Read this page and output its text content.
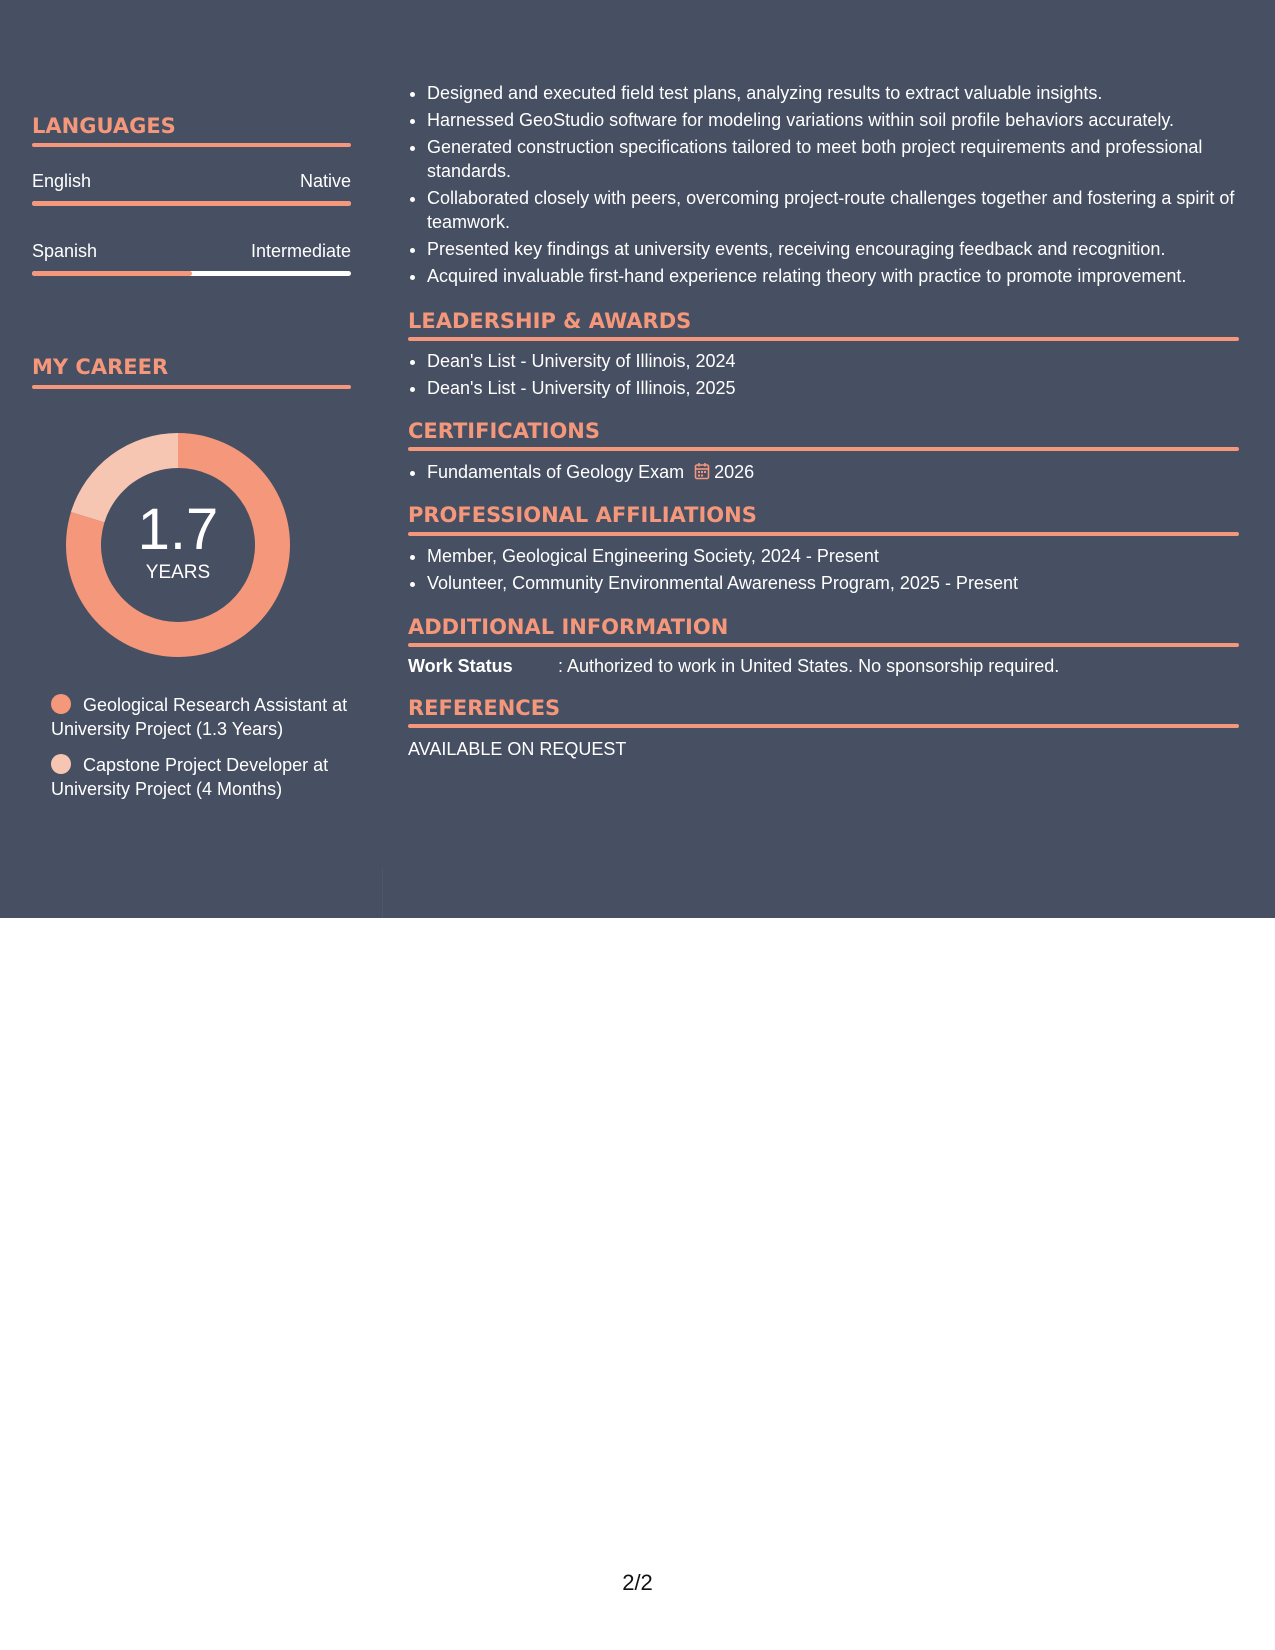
LANGUAGES
English	Native
Spanish	Intermediate
MY CAREER
1.7
YEARS
Geological Research Assistant at University Project (1.3 Years)
Capstone Project Developer at University Project (4 Months)
• Designed and executed field test plans, analyzing results to extract valuable insights.
• Harnessed GeoStudio software for modeling variations within soil profile behaviors accurately.
• Generated construction specifications tailored to meet both project requirements and professional standards.
• Collaborated closely with peers, overcoming project-route challenges together and fostering a spirit of teamwork.
• Presented key findings at university events, receiving encouraging feedback and recognition.
• Acquired invaluable first-hand experience relating theory with practice to promote improvement.
LEADERSHIP & AWARDS
• Dean's List - University of Illinois, 2024
• Dean's List - University of Illinois, 2025
CERTIFICATIONS
• Fundamentals of Geology Exam 2026
PROFESSIONAL AFFILIATIONS
• Member, Geological Engineering Society, 2024 - Present
• Volunteer, Community Environmental Awareness Program, 2025 - Present
ADDITIONAL INFORMATION
Work Status	: Authorized to work in United States. No sponsorship required.
REFERENCES
AVAILABLE ON REQUEST
2/2
